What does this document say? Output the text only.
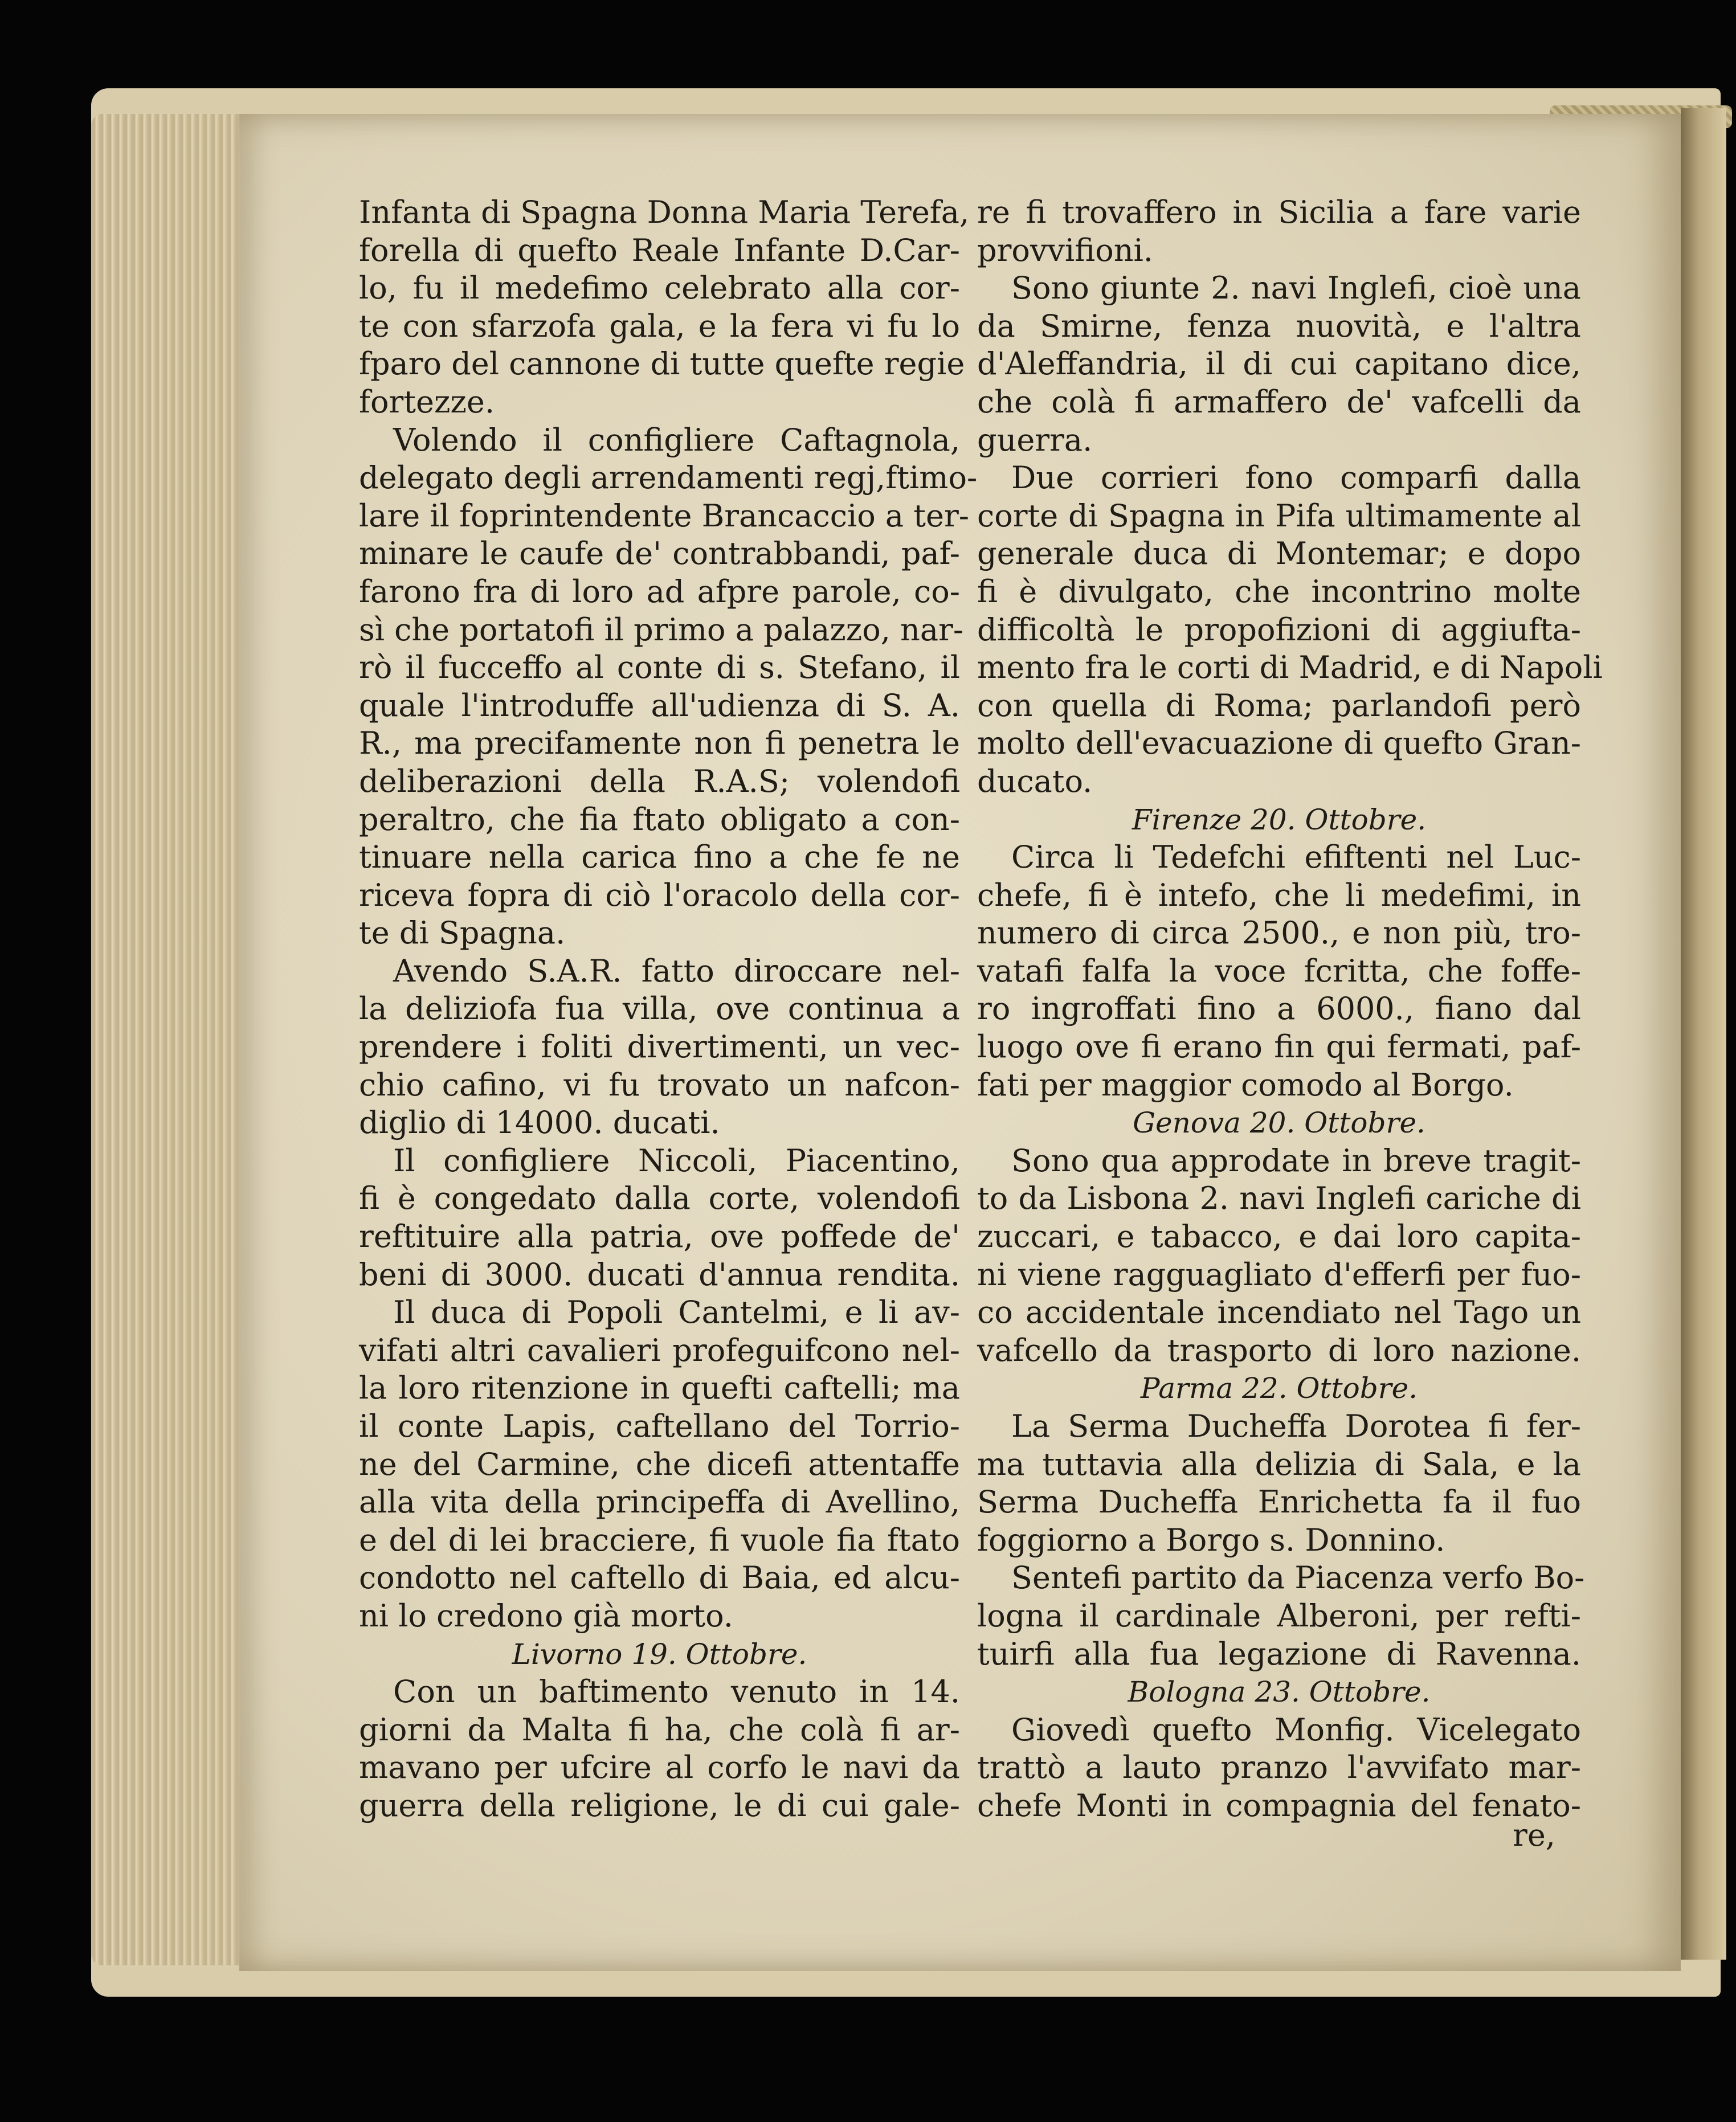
Infanta di Spagna Donna Maria Terefa,
forella di quefto Reale Infante D.Car-
lo, fu il medefimo celebrato alla cor-
te con sfarzofa gala, e la fera vi fu lo
fparo del cannone di tutte quefte regie
fortezze.
Volendo il configliere Caftagnola,
delegato degli arrendamenti regj,ftimo-
lare il foprintendente Brancaccio a ter-
minare le caufe de' contrabbandi, paf-
farono fra di loro ad afpre parole, co-
sì che portatofi il primo a palazzo, nar-
rò il fucceffo al conte di s. Stefano, il
quale l'introduffe all'udienza di S. A.
R., ma precifamente non fi penetra le
deliberazioni della R.A.S; volendofi
peraltro, che fia ftato obligato a con-
tinuare nella carica fino a che fe ne
riceva fopra di ciò l'oracolo della cor-
te di Spagna.
Avendo S.A.R. fatto diroccare nel-
la deliziofa fua villa, ove continua a
prendere i foliti divertimenti, un vec-
chio cafino, vi fu trovato un nafcon-
diglio di 14000. ducati.
Il configliere Niccoli, Piacentino,
fi è congedato dalla corte, volendofi
reftituire alla patria, ove poffede de'
beni di 3000. ducati d'annua rendita.
Il duca di Popoli Cantelmi, e li av-
vifati altri cavalieri profeguifcono nel-
la loro ritenzione in quefti caftelli; ma
il conte Lapis, caftellano del Torrio-
ne del Carmine, che dicefi attentaffe
alla vita della principeffa di Avellino,
e del di lei bracciere, fi vuole fia ftato
condotto nel caftello di Baia, ed alcu-
ni lo credono già morto.
Livorno 19. Ottobre.
Con un baftimento venuto in 14.
giorni da Malta fi ha, che colà fi ar-
mavano per ufcire al corfo le navi da
guerra della religione, le di cui gale-
re fi trovaffero in Sicilia a fare varie
provvifioni.
Sono giunte 2. navi Inglefi, cioè una
da Smirne, fenza nuovità, e l'altra
d'Aleffandria, il di cui capitano dice,
che colà fi armaffero de' vafcelli da
guerra.
Due corrieri fono comparfi dalla
corte di Spagna in Pifa ultimamente al
generale duca di Montemar; e dopo
fi è divulgato, che incontrino molte
difficoltà le propofizioni di aggiufta-
mento fra le corti di Madrid, e di Napoli
con quella di Roma; parlandofi però
molto dell'evacuazione di quefto Gran-
ducato.
Firenze 20. Ottobre.
Circa li Tedefchi efiftenti nel Luc-
chefe, fi è intefo, che li medefimi, in
numero di circa 2500., e non più, tro-
vatafi falfa la voce fcritta, che foffe-
ro ingroffati fino a 6000., fiano dal
luogo ove fi erano fin qui fermati, paf-
fati per maggior comodo al Borgo.
Genova 20. Ottobre.
Sono qua approdate in breve tragit-
to da Lisbona 2. navi Inglefi cariche di
zuccari, e tabacco, e dai loro capita-
ni viene ragguagliato d'efferfi per fuo-
co accidentale incendiato nel Tago un
vafcello da trasporto di loro nazione.
Parma 22. Ottobre.
La Serma Ducheffa Dorotea fi fer-
ma tuttavia alla delizia di Sala, e la
Serma Ducheffa Enrichetta fa il fuo
foggiorno a Borgo s. Donnino.
Sentefi partito da Piacenza verfo Bo-
logna il cardinale Alberoni, per refti-
tuirfi alla fua legazione di Ravenna.
Bologna 23. Ottobre.
Giovedì quefto Monfig. Vicelegato
trattò a lauto pranzo l'avvifato mar-
chefe Monti in compagnia del fenato-
re,
